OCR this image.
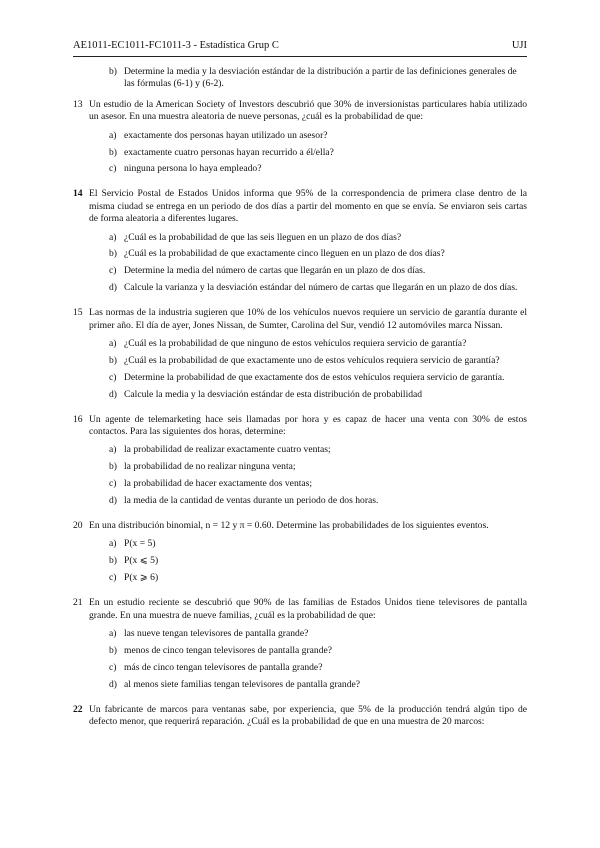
AE1011-EC1011-FC1011-3 - Estadística Grup C	UJI
b) Determine la media y la desviación estándar de la distribución a partir de las definiciones generales de las fórmulas (6-1) y (6-2).
13 Un estudio de la American Society of Investors descubrió que 30% de inversionistas particulares había utilizado un asesor. En una muestra aleatoria de nueve personas, ¿cuál es la probabilidad de que:
a) exactamente dos personas hayan utilizado un asesor?
b) exactamente cuatro personas hayan recurrido a él/ella?
c) ninguna persona lo haya empleado?
14 El Servicio Postal de Estados Unidos informa que 95% de la correspondencia de primera clase dentro de la misma ciudad se entrega en un periodo de dos días a partir del momento en que se envía. Se enviaron seis cartas de forma aleatoria a diferentes lugares.
a) ¿Cuál es la probabilidad de que las seis lleguen en un plazo de dos días?
b) ¿Cuál es la probabilidad de que exactamente cinco lleguen en un plazo de dos días?
c) Determine la media del número de cartas que llegarán en un plazo de dos días.
d) Calcule la varianza y la desviación estándar del número de cartas que llegarán en un plazo de dos días.
15 Las normas de la industria sugieren que 10% de los vehículos nuevos requiere un servicio de garantía durante el primer año. El día de ayer, Jones Nissan, de Sumter, Carolina del Sur, vendió 12 automóviles marca Nissan.
a) ¿Cuál es la probabilidad de que ninguno de estos vehículos requiera servicio de garantía?
b) ¿Cuál es la probabilidad de que exactamente uno de estos vehículos requiera servicio de garantía?
c) Determine la probabilidad de que exactamente dos de estos vehículos requiera servicio de garantía.
d) Calcule la media y la desviación estándar de esta distribución de probabilidad
16 Un agente de telemarketing hace seis llamadas por hora y es capaz de hacer una venta con 30% de estos contactos. Para las siguientes dos horas, determine:
a) la probabilidad de realizar exactamente cuatro ventas;
b) la probabilidad de no realizar ninguna venta;
c) la probabilidad de hacer exactamente dos ventas;
d) la media de la cantidad de ventas durante un periodo de dos horas.
20 En una distribución binomial, n = 12 y π = 0.60. Determine las probabilidades de los siguientes eventos.
a) P(x = 5)
b) P(x ⩽ 5)
c) P(x ⩾ 6)
21 En un estudio reciente se descubrió que 90% de las familias de Estados Unidos tiene televisores de pantalla grande. En una muestra de nueve familias, ¿cuál es la probabilidad de que:
a) las nueve tengan televisores de pantalla grande?
b) menos de cinco tengan televisores de pantalla grande?
c) más de cinco tengan televisores de pantalla grande?
d) al menos siete familias tengan televisores de pantalla grande?
22 Un fabricante de marcos para ventanas sabe, por experiencia, que 5% de la producción tendrá algún tipo de defecto menor, que requerirá reparación. ¿Cuál es la probabilidad de que en una muestra de 20 marcos:
